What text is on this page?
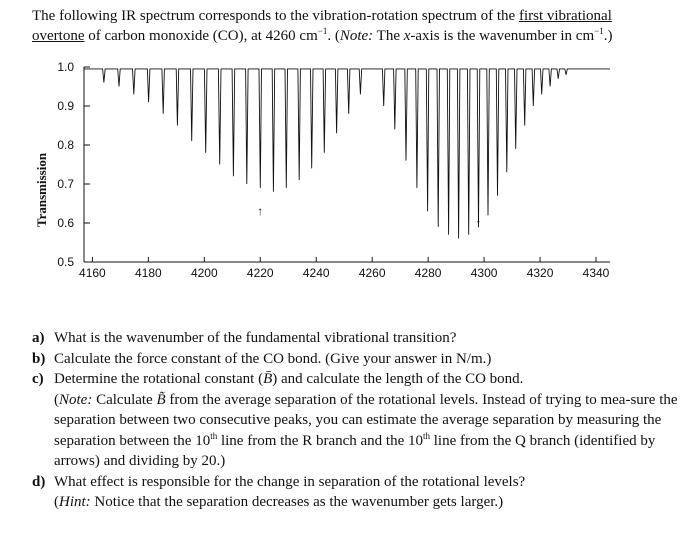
The following IR spectrum corresponds to the vibration-rotation spectrum of the first vibrational
overtone of carbon monoxide (CO), at 4260 $cm^{-1}$. (Note: The x-axis is the wavenumber in $cm^{-1}$.)
Transmission
0.5
0.6
0.7
0.8
0.9
1.0
4160 4180 4200 4220 4240 4260 4280 4300 4320 4340
↑
↑
a) What is the wavenumber of the fundamental vibrational transition?
b) Calculate the force constant of the CO bond. (Give your answer in N/m.)
c) Determine the rotational constant (B̄) and calculate the length of the CO bond.
(Note: Calculate B̃ from the average separation of the rotational levels. Instead of trying to mea-sure the separation between two consecutive peaks, you can estimate the average separation by measuring the separation between the 10th line from the R branch and the 10th line from the Q branch (identified by arrows) and dividing by 20.)
d) What effect is responsible for the change in separation of the rotational levels?
(Hint: Notice that the separation decreases as the wavenumber gets larger.)
